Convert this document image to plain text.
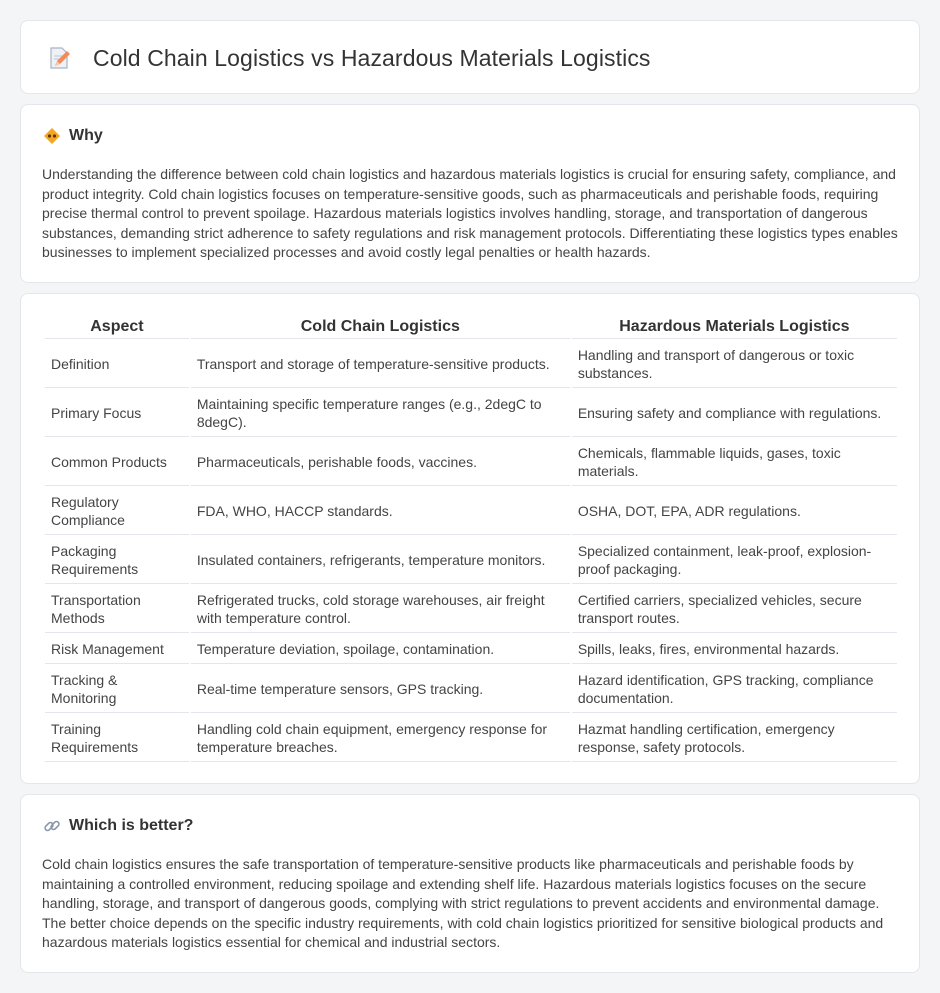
Cold Chain Logistics vs Hazardous Materials Logistics
Why

Understanding the difference between cold chain logistics and hazardous materials logistics is crucial for ensuring safety, compliance, and product integrity. Cold chain logistics focuses on temperature-sensitive goods, such as pharmaceuticals and perishable foods, requiring precise thermal control to prevent spoilage. Hazardous materials logistics involves handling, storage, and transportation of dangerous substances, demanding strict adherence to safety regulations and risk management protocols. Differentiating these logistics types enables businesses to implement specialized processes and avoid costly legal penalties or health hazards.

Aspect	Cold Chain Logistics	Hazardous Materials Logistics
Definition	Transport and storage of temperature-sensitive products.	Handling and transport of dangerous or toxic substances.
Primary Focus	Maintaining specific temperature ranges (e.g., 2degC to 8degC).	Ensuring safety and compliance with regulations.
Common Products	Pharmaceuticals, perishable foods, vaccines.	Chemicals, flammable liquids, gases, toxic materials.
Regulatory Compliance	FDA, WHO, HACCP standards.	OSHA, DOT, EPA, ADR regulations.
Packaging Requirements	Insulated containers, refrigerants, temperature monitors.	Specialized containment, leak-proof, explosion-proof packaging.
Transportation Methods	Refrigerated trucks, cold storage warehouses, air freight with temperature control.	Certified carriers, specialized vehicles, secure transport routes.
Risk Management	Temperature deviation, spoilage, contamination.	Spills, leaks, fires, environmental hazards.
Tracking & Monitoring	Real-time temperature sensors, GPS tracking.	Hazard identification, GPS tracking, compliance documentation.
Training Requirements	Handling cold chain equipment, emergency response for temperature breaches.	Hazmat handling certification, emergency response, safety protocols.
Which is better?

Cold chain logistics ensures the safe transportation of temperature-sensitive products like pharmaceuticals and perishable foods by maintaining a controlled environment, reducing spoilage and extending shelf life. Hazardous materials logistics focuses on the secure handling, storage, and transport of dangerous goods, complying with strict regulations to prevent accidents and environmental damage. The better choice depends on the specific industry requirements, with cold chain logistics prioritized for sensitive biological products and hazardous materials logistics essential for chemical and industrial sectors.
